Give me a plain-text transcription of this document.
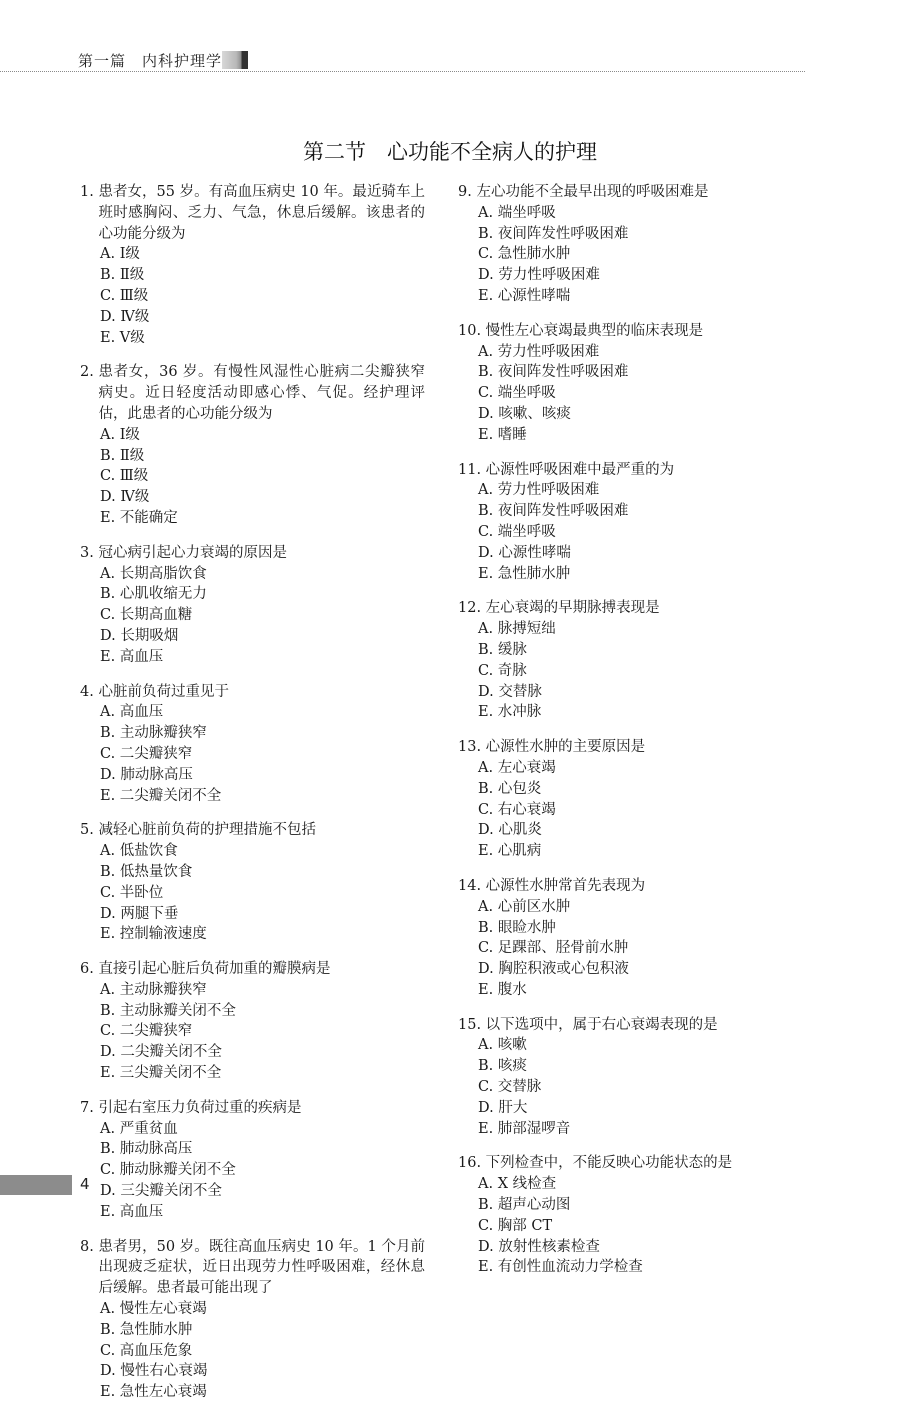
第一篇　内科护理学
第二节　心功能不全病人的护理
1. 患者女，55 岁。有高血压病史 10 年。最近骑车上班时感胸闷、乏力、气急，休息后缓解。该患者的心功能分级为
A. Ⅰ级
B. Ⅱ级
C. Ⅲ级
D. Ⅳ级
E. Ⅴ级
2. 患者女，36 岁。有慢性风湿性心脏病二尖瓣狭窄病史。近日轻度活动即感心悸、气促。经护理评估，此患者的心功能分级为
A. Ⅰ级
B. Ⅱ级
C. Ⅲ级
D. Ⅳ级
E. 不能确定
3. 冠心病引起心力衰竭的原因是
A. 长期高脂饮食
B. 心肌收缩无力
C. 长期高血糖
D. 长期吸烟
E. 高血压
4. 心脏前负荷过重见于
A. 高血压
B. 主动脉瓣狭窄
C. 二尖瓣狭窄
D. 肺动脉高压
E. 二尖瓣关闭不全
5. 减轻心脏前负荷的护理措施不包括
A. 低盐饮食
B. 低热量饮食
C. 半卧位
D. 两腿下垂
E. 控制输液速度
6. 直接引起心脏后负荷加重的瓣膜病是
A. 主动脉瓣狭窄
B. 主动脉瓣关闭不全
C. 二尖瓣狭窄
D. 二尖瓣关闭不全
E. 三尖瓣关闭不全
7. 引起右室压力负荷过重的疾病是
A. 严重贫血
B. 肺动脉高压
C. 肺动脉瓣关闭不全
D. 三尖瓣关闭不全
E. 高血压
8. 患者男，50 岁。既往高血压病史 10 年。1 个月前出现疲乏症状，近日出现劳力性呼吸困难，经休息后缓解。患者最可能出现了
A. 慢性左心衰竭
B. 急性肺水肿
C. 高血压危象
D. 慢性右心衰竭
E. 急性左心衰竭
9. 左心功能不全最早出现的呼吸困难是
A. 端坐呼吸
B. 夜间阵发性呼吸困难
C. 急性肺水肿
D. 劳力性呼吸困难
E. 心源性哮喘
10. 慢性左心衰竭最典型的临床表现是
A. 劳力性呼吸困难
B. 夜间阵发性呼吸困难
C. 端坐呼吸
D. 咳嗽、咳痰
E. 嗜睡
11. 心源性呼吸困难中最严重的为
A. 劳力性呼吸困难
B. 夜间阵发性呼吸困难
C. 端坐呼吸
D. 心源性哮喘
E. 急性肺水肿
12. 左心衰竭的早期脉搏表现是
A. 脉搏短绌
B. 缓脉
C. 奇脉
D. 交替脉
E. 水冲脉
13. 心源性水肿的主要原因是
A. 左心衰竭
B. 心包炎
C. 右心衰竭
D. 心肌炎
E. 心肌病
14. 心源性水肿常首先表现为
A. 心前区水肿
B. 眼睑水肿
C. 足踝部、胫骨前水肿
D. 胸腔积液或心包积液
E. 腹水
15. 以下选项中，属于右心衰竭表现的是
A. 咳嗽
B. 咳痰
C. 交替脉
D. 肝大
E. 肺部湿啰音
16. 下列检查中，不能反映心功能状态的是
A. X 线检查
B. 超声心动图
C. 胸部 CT
D. 放射性核素检查
E. 有创性血流动力学检查
4
